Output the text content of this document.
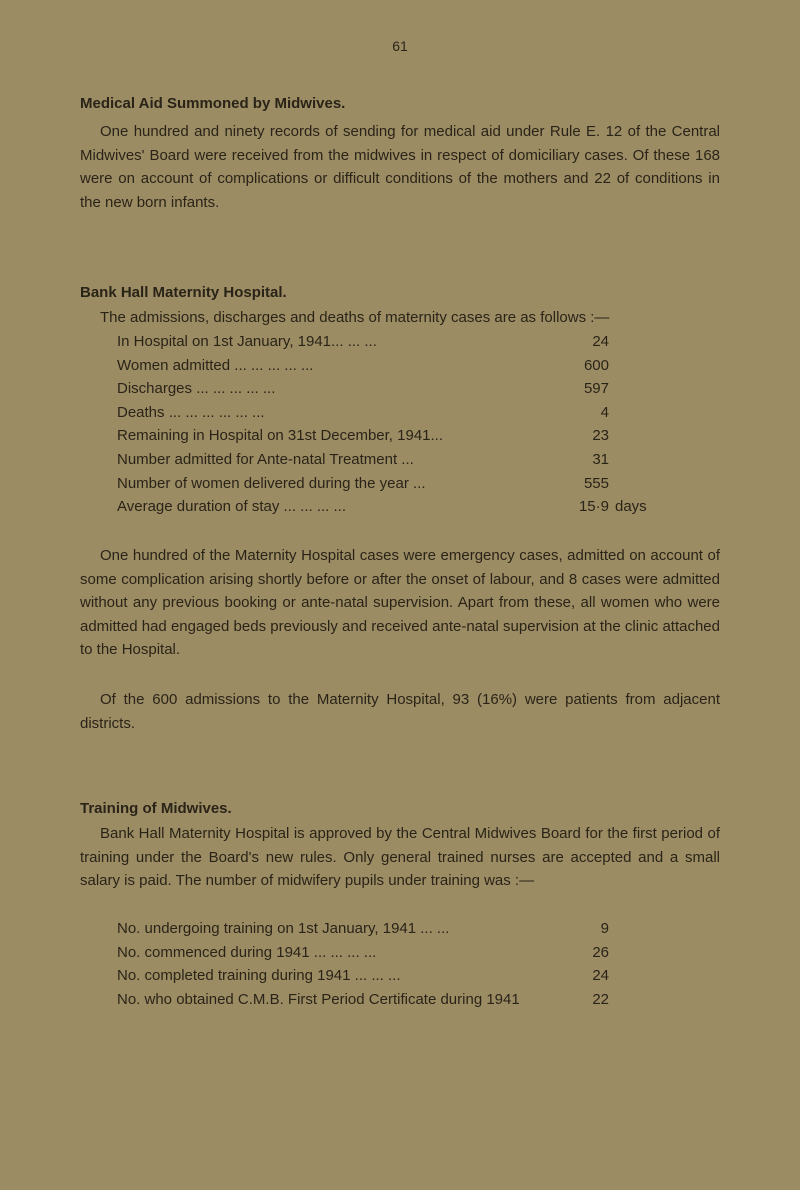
61
Medical Aid Summoned by Midwives.
One hundred and ninety records of sending for medical aid under Rule E. 12 of the Central Midwives' Board were received from the midwives in respect of domiciliary cases. Of these 168 were on account of complications or difficult conditions of the mothers and 22 of conditions in the new born infants.
Bank Hall Maternity Hospital.
The admissions, discharges and deaths of maternity cases are as follows :—
In Hospital on 1st January, 1941... ... ...	24
Women admitted ... ... ... ... ...	600
Discharges ... ... ... ... ...	597
Deaths ... ... ... ... ... ...	4
Remaining in Hospital on 31st December, 1941...	23
Number admitted for Ante-natal Treatment ...	31
Number of women delivered during the year ...	555
Average duration of stay ... ... ... ...	15·9 days
One hundred of the Maternity Hospital cases were emergency cases, admitted on account of some complication arising shortly before or after the onset of labour, and 8 cases were admitted without any previous booking or ante-natal supervision. Apart from these, all women who were admitted had engaged beds previously and received ante-natal supervision at the clinic attached to the Hospital.
Of the 600 admissions to the Maternity Hospital, 93 (16%) were patients from adjacent districts.
Training of Midwives.
Bank Hall Maternity Hospital is approved by the Central Midwives Board for the first period of training under the Board's new rules. Only general trained nurses are accepted and a small salary is paid. The number of midwifery pupils under training was :—
No. undergoing training on 1st January, 1941 ... ...	9
No. commenced during 1941 ... ... ... ...	26
No. completed training during 1941 ... ... ...	24
No. who obtained C.M.B. First Period Certificate during 1941	22
